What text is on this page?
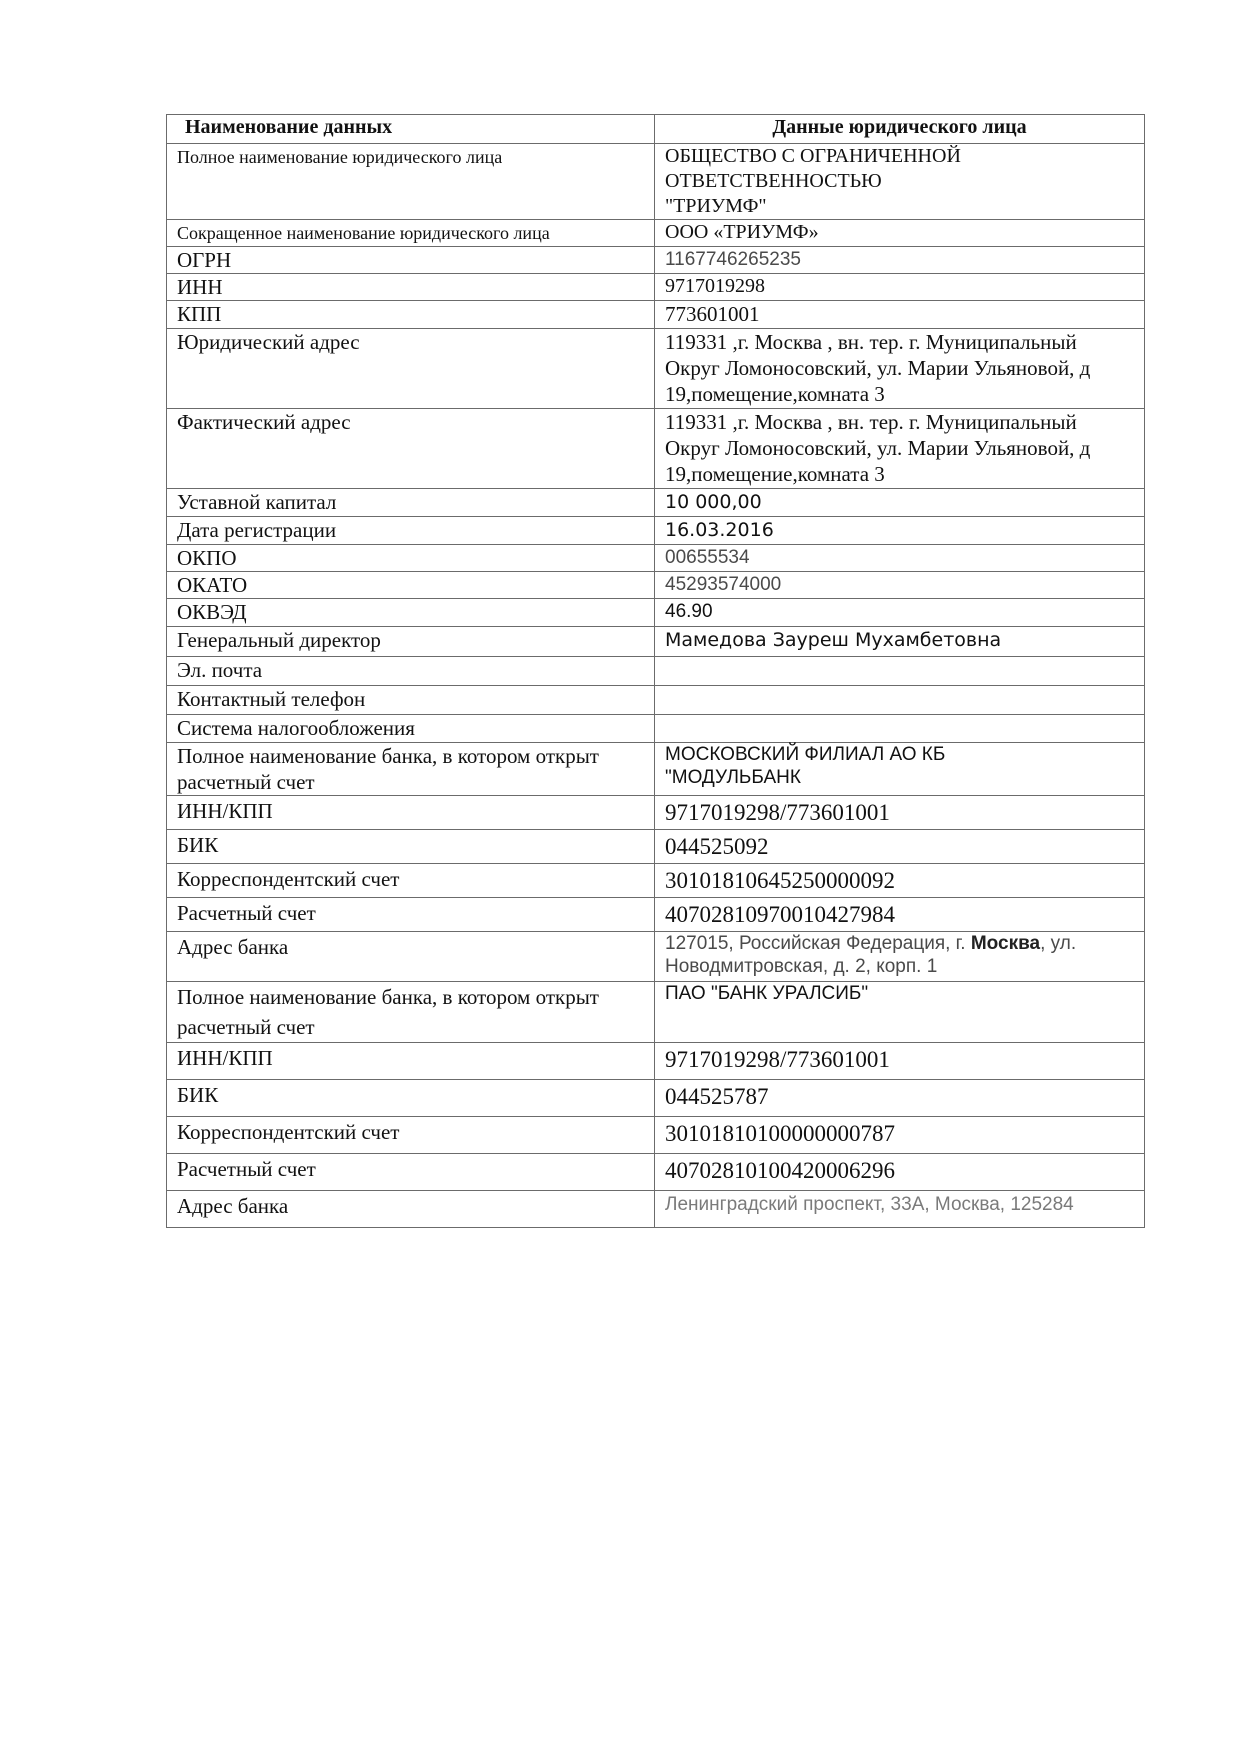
Наименование данных	Данные юридического лица
Полное наименование юридического лица	ОБЩЕСТВО С ОГРАНИЧЕННОЙ
ОТВЕТСТВЕННОСТЬЮ
"ТРИУМФ"
Сокращенное наименование юридического лица	ООО «ТРИУМФ»
ОГРН	1167746265235
ИНН	9717019298
КПП	773601001
Юридический адрес	119331 ,г. Москва , вн. тер. г. Муниципальный Округ Ломоносовский, ул. Марии Ульяновой, д 19,помещение,комната 3
Фактический адрес	119331 ,г. Москва , вн. тер. г. Муниципальный Округ Ломоносовский, ул. Марии Ульяновой, д 19,помещение,комната 3
Уставной капитал	10 000,00
Дата регистрации	16.03.2016
ОКПО	00655534
ОКАТО	45293574000
ОКВЭД	46.90
Генеральный директор	Мамедова Зауреш Мухамбетовна
Эл. почта	
Контактный телефон	
Система налогообложения	
Полное наименование банка, в котором открыт расчетный счет	МОСКОВСКИЙ ФИЛИАЛ АО КБ
"МОДУЛЬБАНК
ИНН/КПП	9717019298/773601001
БИК	044525092
Корреспондентский счет	30101810645250000092
Расчетный счет	40702810970010427984
Адрес банка	127015, Российская Федерация, г. Москва, ул. Новодмитровская, д. 2, корп. 1
Полное наименование банка, в котором открыт расчетный счет	ПАО "БАНК УРАЛСИБ"
ИНН/КПП	9717019298/773601001
БИК	044525787
Корреспондентский счет	30101810100000000787
Расчетный счет	40702810100420006296
Адрес банка	Ленинградский проспект, 33А, Москва, 125284
